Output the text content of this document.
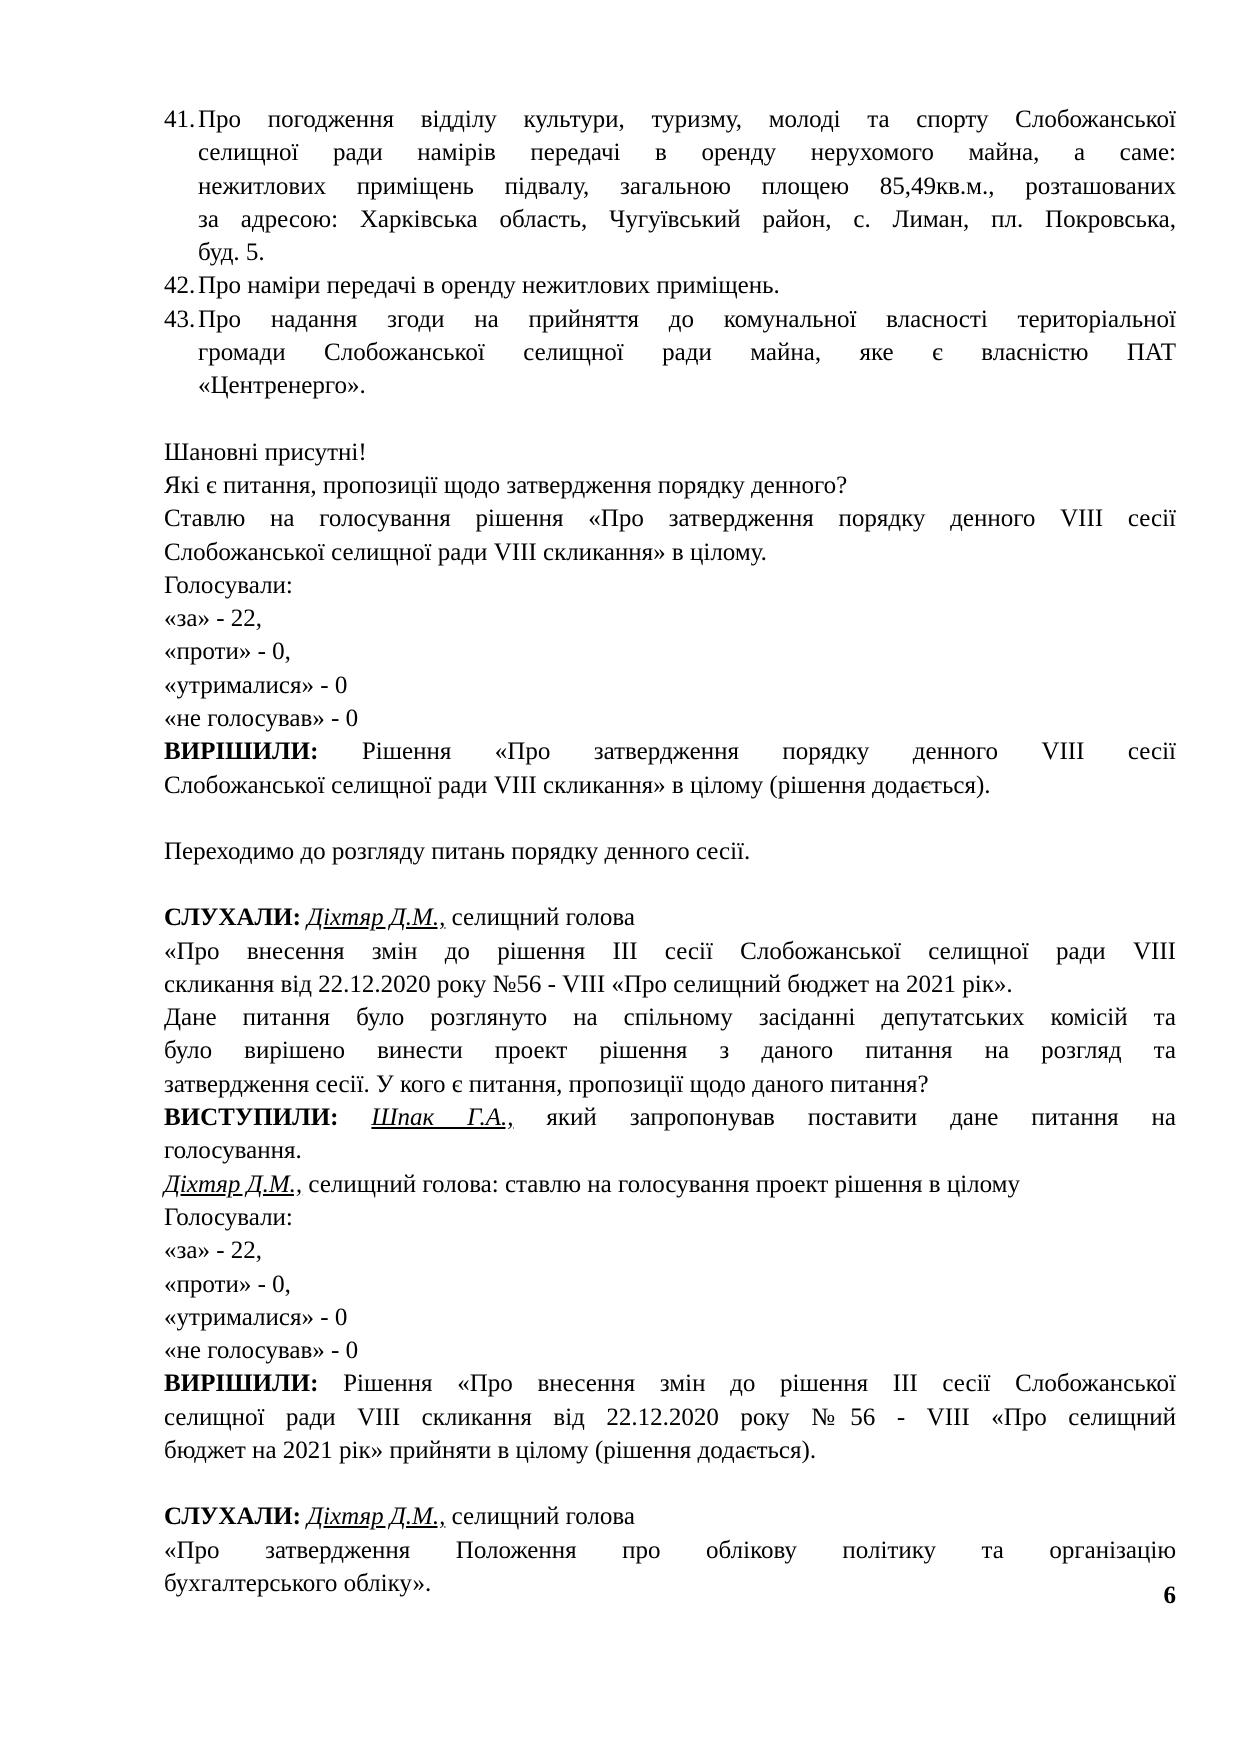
41. Про погодження відділу культури, туризму, молоді та спорту Слобожанської
селищної ради намірів передачі в оренду нерухомого майна, а саме:
нежитлових приміщень підвалу, загальною площею 85,49кв.м., розташованих
за адресою: Харківська область, Чугуївський район, с. Лиман, пл. Покровська,
буд. 5.
42. Про наміри передачі в оренду нежитлових приміщень.
43. Про надання згоди на прийняття до комунальної власності територіальної
громади Слобожанської селищної ради майна, яке є власністю ПАТ
«Центренерго».
Шановні присутні!
Які є питання, пропозиції щодо затвердження порядку денного?
Ставлю на голосування рішення «Про затвердження порядку денного VIII сесії
Слобожанської селищної ради VIII скликання» в цілому.
Голосували:
«за» - 22,
«проти» - 0,
«утрималися» - 0
«не голосував» - 0
ВИРІШИЛИ: Рішення «Про затвердження порядку денного VIII сесії
Слобожанської селищної ради VIII скликання» в цілому (рішення додається).
Переходимо до розгляду питань порядку денного сесії.
СЛУХАЛИ: Діхтяр Д.М., селищний голова
«Про внесення змін до рішення ІІІ сесії Слобожанської селищної ради VIII
скликання від 22.12.2020 року №56 - VIII «Про селищний бюджет на 2021 рік».
Дане питання було розглянуто на спільному засіданні депутатських комісій та
було вирішено винести проект рішення з даного питання на розгляд та
затвердження сесії. У кого є питання, пропозиції щодо даного питання?
ВИСТУПИЛИ: Шпак Г.А., який запропонував поставити дане питання на
голосування.
Діхтяр Д.М., селищний голова: ставлю на голосування проект рішення в цілому
Голосували:
«за» - 22,
«проти» - 0,
«утрималися» - 0
«не голосував» - 0
ВИРІШИЛИ: Рішення «Про внесення змін до рішення ІІІ сесії Слобожанської
селищної ради VIII скликання від 22.12.2020 року №56 - VIII «Про селищний
бюджет на 2021 рік» прийняти в цілому (рішення додається).
СЛУХАЛИ: Діхтяр Д.М., селищний голова
«Про затвердження Положення про облікову політику та організацію
бухгалтерського обліку».	6
